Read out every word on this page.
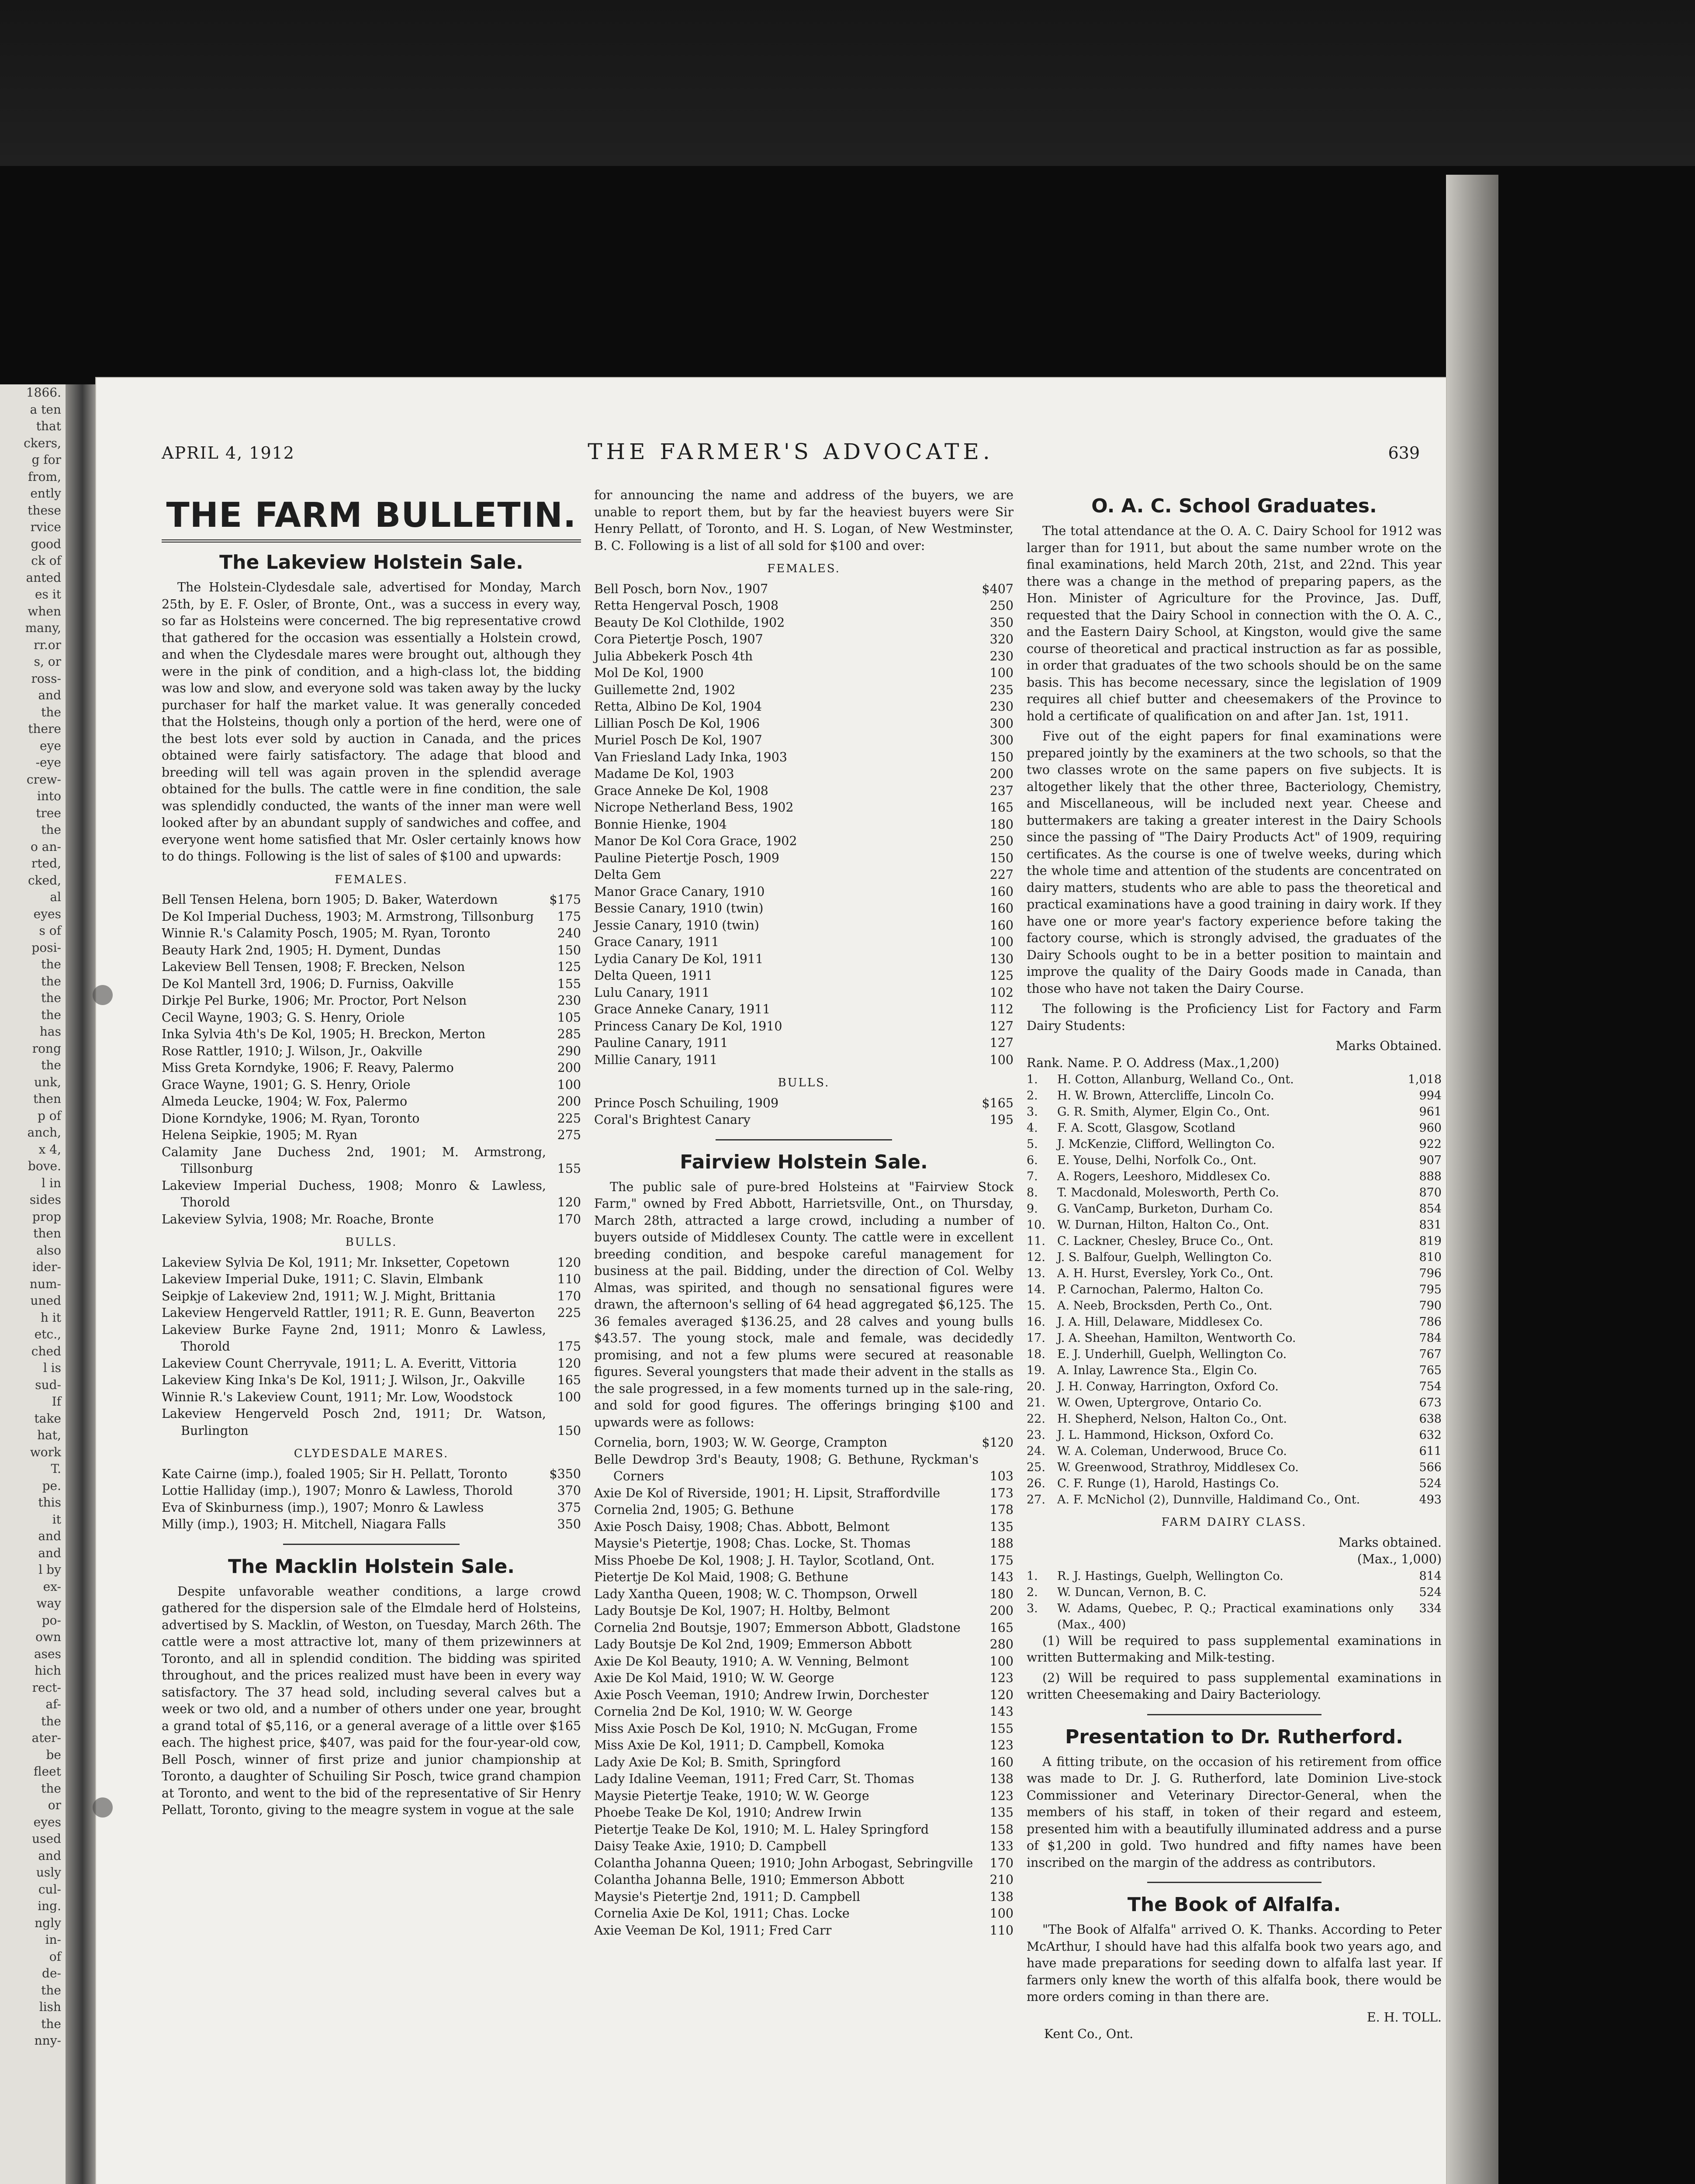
1866.
a ten
that
ckers,
g for
from,
ently
these
rvice
good
ck of
anted
es it
when
many,
rr.or
s, or
ross-
and
the
there
eye
-eye
crew-
into
tree
the
o an-
rted,
cked,
al
eyes
s of
posi-
the
the
the
the
has
rong
the
unk,
then
p of
anch,
x 4,
bove.
l in
sides
prop
then
also
ider-
num-
uned
h it
etc.,
ched
l is
sud-
If
take
hat,
work
T.
pe.
this
it
and
and
l by
ex-
way
po-
own
ases
hich
rect-
af-
the
ater-
be
fleet
the
or
eyes
used
and
usly
cul-
ing.
ngly
in-
of
de-
the
lish
the
nny-
APRIL 4, 1912	THE FARMER'S ADVOCATE.	639
THE FARM BULLETIN.
The Lakeview Holstein Sale.

The Holstein-Clydesdale sale, advertised for Monday, March 25th, by E. F. Osler, of Bronte, Ont., was a success in every way, so far as Holsteins were concerned. The big representative crowd that gathered for the occasion was essentially a Holstein crowd, and when the Clydesdale mares were brought out, although they were in the pink of condition, and a high-class lot, the bidding was low and slow, and everyone sold was taken away by the lucky purchaser for half the market value. It was generally conceded that the Holsteins, though only a portion of the herd, were one of the best lots ever sold by auction in Canada, and the prices obtained were fairly satisfactory. The adage that blood and breeding will tell was again proven in the splendid average obtained for the bulls. The cattle were in fine condition, the sale was splendidly conducted, the wants of the inner man were well looked after by an abundant supply of sandwiches and coffee, and everyone went home satisfied that Mr. Osler certainly knows how to do things. Following is the list of sales of $100 and upwards:

FEMALES.
Bell Tensen Helena, born 1905; D. Baker, Waterdown	$175
De Kol Imperial Duchess, 1903; M. Armstrong, Tillsonburg	175
Winnie R.'s Calamity Posch, 1905; M. Ryan, Toronto	240
Beauty Hark 2nd, 1905; H. Dyment, Dundas	150
Lakeview Bell Tensen, 1908; F. Brecken, Nelson	125
De Kol Mantell 3rd, 1906; D. Furniss, Oakville	155
Dirkje Pel Burke, 1906; Mr. Proctor, Port Nelson	230
Cecil Wayne, 1903; G. S. Henry, Oriole	105
Inka Sylvia 4th's De Kol, 1905; H. Breckon, Merton	285
Rose Rattler, 1910; J. Wilson, Jr., Oakville	290
Miss Greta Korndyke, 1906; F. Reavy, Palermo	200
Grace Wayne, 1901; G. S. Henry, Oriole	100
Almeda Leucke, 1904; W. Fox, Palermo	200
Dione Korndyke, 1906; M. Ryan, Toronto	225
Helena Seipkie, 1905; M. Ryan	275
Calamity Jane Duchess 2nd, 1901; M. Armstrong, Tillsonburg	155
Lakeview Imperial Duchess, 1908; Monro & Lawless, Thorold	120
Lakeview Sylvia, 1908; Mr. Roache, Bronte	170
BULLS.
Lakeview Sylvia De Kol, 1911; Mr. Inksetter, Copetown	120
Lakeview Imperial Duke, 1911; C. Slavin, Elmbank	110
Seipkje of Lakeview 2nd, 1911; W. J. Might, Brittania	170
Lakeview Hengerveld Rattler, 1911; R. E. Gunn, Beaverton	225
Lakeview Burke Fayne 2nd, 1911; Monro & Lawless, Thorold	175
Lakeview Count Cherryvale, 1911; L. A. Everitt, Vittoria	120
Lakeview King Inka's De Kol, 1911; J. Wilson, Jr., Oakville	165
Winnie R.'s Lakeview Count, 1911; Mr. Low, Woodstock	100
Lakeview Hengerveld Posch 2nd, 1911; Dr. Watson, Burlington	150
CLYDESDALE MARES.
Kate Cairne (imp.), foaled 1905; Sir H. Pellatt, Toronto	$350
Lottie Halliday (imp.), 1907; Monro & Lawless, Thorold	370
Eva of Skinburness (imp.), 1907; Monro & Lawless	375
Milly (imp.), 1903; H. Mitchell, Niagara Falls	350
The Macklin Holstein Sale.

Despite unfavorable weather conditions, a large crowd gathered for the dispersion sale of the Elmdale herd of Holsteins, advertised by S. Macklin, of Weston, on Tuesday, March 26th. The cattle were a most attractive lot, many of them prizewinners at Toronto, and all in splendid condition. The bidding was spirited throughout, and the prices realized must have been in every way satisfactory. The 37 head sold, including several calves but a week or two old, and a number of others under one year, brought a grand total of $5,116, or a general average of a little over $165 each. The highest price, $407, was paid for the four-year-old cow, Bell Posch, winner of first prize and junior championship at Toronto, a daughter of Schuiling Sir Posch, twice grand champion at Toronto, and went to the bid of the representative of Sir Henry Pellatt, Toronto, giving to the meagre system in vogue at the sale

for announcing the name and address of the buyers, we are unable to report them, but by far the heaviest buyers were Sir Henry Pellatt, of Toronto, and H. S. Logan, of New Westminster, B. C. Following is a list of all sold for $100 and over:

FEMALES.
Bell Posch, born Nov., 1907	$407
Retta Hengerval Posch, 1908	250
Beauty De Kol Clothilde, 1902	350
Cora Pietertje Posch, 1907	320
Julia Abbekerk Posch 4th	230
Mol De Kol, 1900	100
Guillemette 2nd, 1902	235
Retta, Albino De Kol, 1904	230
Lillian Posch De Kol, 1906	300
Muriel Posch De Kol, 1907	300
Van Friesland Lady Inka, 1903	150
Madame De Kol, 1903	200
Grace Anneke De Kol, 1908	237
Nicrope Netherland Bess, 1902	165
Bonnie Hienke, 1904	180
Manor De Kol Cora Grace, 1902	250
Pauline Pietertje Posch, 1909	150
Delta Gem	227
Manor Grace Canary, 1910	160
Bessie Canary, 1910 (twin)	160
Jessie Canary, 1910 (twin)	160
Grace Canary, 1911	100
Lydia Canary De Kol, 1911	130
Delta Queen, 1911	125
Lulu Canary, 1911	102
Grace Anneke Canary, 1911	112
Princess Canary De Kol, 1910	127
Pauline Canary, 1911	127
Millie Canary, 1911	100
BULLS.
Prince Posch Schuiling, 1909	$165
Coral's Brightest Canary	195
Fairview Holstein Sale.

The public sale of pure-bred Holsteins at "Fairview Stock Farm," owned by Fred Abbott, Harrietsville, Ont., on Thursday, March 28th, attracted a large crowd, including a number of buyers outside of Middlesex County. The cattle were in excellent breeding condition, and bespoke careful management for business at the pail. Bidding, under the direction of Col. Welby Almas, was spirited, and though no sensational figures were drawn, the afternoon's selling of 64 head aggregated $6,125. The 36 females averaged $136.25, and 28 calves and young bulls $43.57. The young stock, male and female, was decidedly promising, and not a few plums were secured at reasonable figures. Several youngsters that made their advent in the stalls as the sale progressed, in a few moments turned up in the sale-ring, and sold for good figures. The offerings bringing $100 and upwards were as follows:

Cornelia, born, 1903; W. W. George, Crampton	$120
Belle Dewdrop 3rd's Beauty, 1908; G. Bethune, Ryckman's Corners	103
Axie De Kol of Riverside, 1901; H. Lipsit, Straffordville	173
Cornelia 2nd, 1905; G. Bethune	178
Axie Posch Daisy, 1908; Chas. Abbott, Belmont	135
Maysie's Pietertje, 1908; Chas. Locke, St. Thomas	188
Miss Phoebe De Kol, 1908; J. H. Taylor, Scotland, Ont.	175
Pietertje De Kol Maid, 1908; G. Bethune	143
Lady Xantha Queen, 1908; W. C. Thompson, Orwell	180
Lady Boutsje De Kol, 1907; H. Holtby, Belmont	200
Cornelia 2nd Boutsje, 1907; Emmerson Abbott, Gladstone	165
Lady Boutsje De Kol 2nd, 1909; Emmerson Abbott	280
Axie De Kol Beauty, 1910; A. W. Venning, Belmont	100
Axie De Kol Maid, 1910; W. W. George	123
Axie Posch Veeman, 1910; Andrew Irwin, Dorchester	120
Cornelia 2nd De Kol, 1910; W. W. George	143
Miss Axie Posch De Kol, 1910; N. McGugan, Frome	155
Miss Axie De Kol, 1911; D. Campbell, Komoka	123
Lady Axie De Kol; B. Smith, Springford	160
Lady Idaline Veeman, 1911; Fred Carr, St. Thomas	138
Maysie Pietertje Teake, 1910; W. W. George	123
Phoebe Teake De Kol, 1910; Andrew Irwin	135
Pietertje Teake De Kol, 1910; M. L. Haley Springford	158
Daisy Teake Axie, 1910; D. Campbell	133
Colantha Johanna Queen; 1910; John Arbogast, Sebringville	170
Colantha Johanna Belle, 1910; Emmerson Abbott	210
Maysie's Pietertje 2nd, 1911; D. Campbell	138
Cornelia Axie De Kol, 1911; Chas. Locke	100
Axie Veeman De Kol, 1911; Fred Carr	110
O. A. C. School Graduates.

The total attendance at the O. A. C. Dairy School for 1912 was larger than for 1911, but about the same number wrote on the final examinations, held March 20th, 21st, and 22nd. This year there was a change in the method of preparing papers, as the Hon. Minister of Agriculture for the Province, Jas. Duff, requested that the Dairy School in connection with the O. A. C., and the Eastern Dairy School, at Kingston, would give the same course of theoretical and practical instruction as far as possible, in order that graduates of the two schools should be on the same basis. This has become necessary, since the legislation of 1909 requires all chief butter and cheesemakers of the Province to hold a certificate of qualification on and after Jan. 1st, 1911.

Five out of the eight papers for final examinations were prepared jointly by the examiners at the two schools, so that the two classes wrote on the same papers on five subjects. It is altogether likely that the other three, Bacteriology, Chemistry, and Miscellaneous, will be included next year. Cheese and buttermakers are taking a greater interest in the Dairy Schools since the passing of "The Dairy Products Act" of 1909, requiring certificates. As the course is one of twelve weeks, during which the whole time and attention of the students are concentrated on dairy matters, students who are able to pass the theoretical and practical examinations have a good training in dairy work. If they have one or more year's factory experience before taking the factory course, which is strongly advised, the graduates of the Dairy Schools ought to be in a better position to maintain and improve the quality of the Dairy Goods made in Canada, than those who have not taken the Dairy Course.

The following is the Proficiency List for Factory and Farm Dairy Students:

Marks Obtained.
Rank. Name. P. O. Address (Max.,1,200)
1.	H. Cotton, Allanburg, Welland Co., Ont.	1,018
2.	H. W. Brown, Attercliffe, Lincoln Co.	994
3.	G. R. Smith, Alymer, Elgin Co., Ont.	961
4.	F. A. Scott, Glasgow, Scotland	960
5.	J. McKenzie, Clifford, Wellington Co.	922
6.	E. Youse, Delhi, Norfolk Co., Ont.	907
7.	A. Rogers, Leeshoro, Middlesex Co.	888
8.	T. Macdonald, Molesworth, Perth Co.	870
9.	G. VanCamp, Burketon, Durham Co.	854
10.	W. Durnan, Hilton, Halton Co., Ont.	831
11.	C. Lackner, Chesley, Bruce Co., Ont.	819
12.	J. S. Balfour, Guelph, Wellington Co.	810
13.	A. H. Hurst, Eversley, York Co., Ont.	796
14.	P. Carnochan, Palermo, Halton Co.	795
15.	A. Neeb, Brocksden, Perth Co., Ont.	790
16.	J. A. Hill, Delaware, Middlesex Co.	786
17.	J. A. Sheehan, Hamilton, Wentworth Co.	784
18.	E. J. Underhill, Guelph, Wellington Co.	767
19.	A. Inlay, Lawrence Sta., Elgin Co.	765
20.	J. H. Conway, Harrington, Oxford Co.	754
21.	W. Owen, Uptergrove, Ontario Co.	673
22.	H. Shepherd, Nelson, Halton Co., Ont.	638
23.	J. L. Hammond, Hickson, Oxford Co.	632
24.	W. A. Coleman, Underwood, Bruce Co.	611
25.	W. Greenwood, Strathroy, Middlesex Co.	566
26.	C. F. Runge (1), Harold, Hastings Co.	524
27.	A. F. McNichol (2), Dunnville, Haldimand Co., Ont.	493
FARM DAIRY CLASS.
Marks obtained.
(Max., 1,000)
1.	R. J. Hastings, Guelph, Wellington Co.	814
2.	W. Duncan, Vernon, B. C.	524
3.	W. Adams, Quebec, P. Q.; Practical examinations only (Max., 400)	334

(1) Will be required to pass supplemental examinations in written Buttermaking and Milk-testing.

(2) Will be required to pass supplemental examinations in written Cheesemaking and Dairy Bacteriology.

Presentation to Dr. Rutherford.

A fitting tribute, on the occasion of his retirement from office was made to Dr. J. G. Rutherford, late Dominion Live-stock Commissioner and Veterinary Director-General, when the members of his staff, in token of their regard and esteem, presented him with a beautifully illuminated address and a purse of $1,200 in gold. Two hundred and fifty names have been inscribed on the margin of the address as contributors.

The Book of Alfalfa.

"The Book of Alfalfa" arrived O. K. Thanks. According to Peter McArthur, I should have had this alfalfa book two years ago, and have made preparations for seeding down to alfalfa last year. If farmers only knew the worth of this alfalfa book, there would be more orders coming in than there are.

E. H. TOLL.
Kent Co., Ont.
